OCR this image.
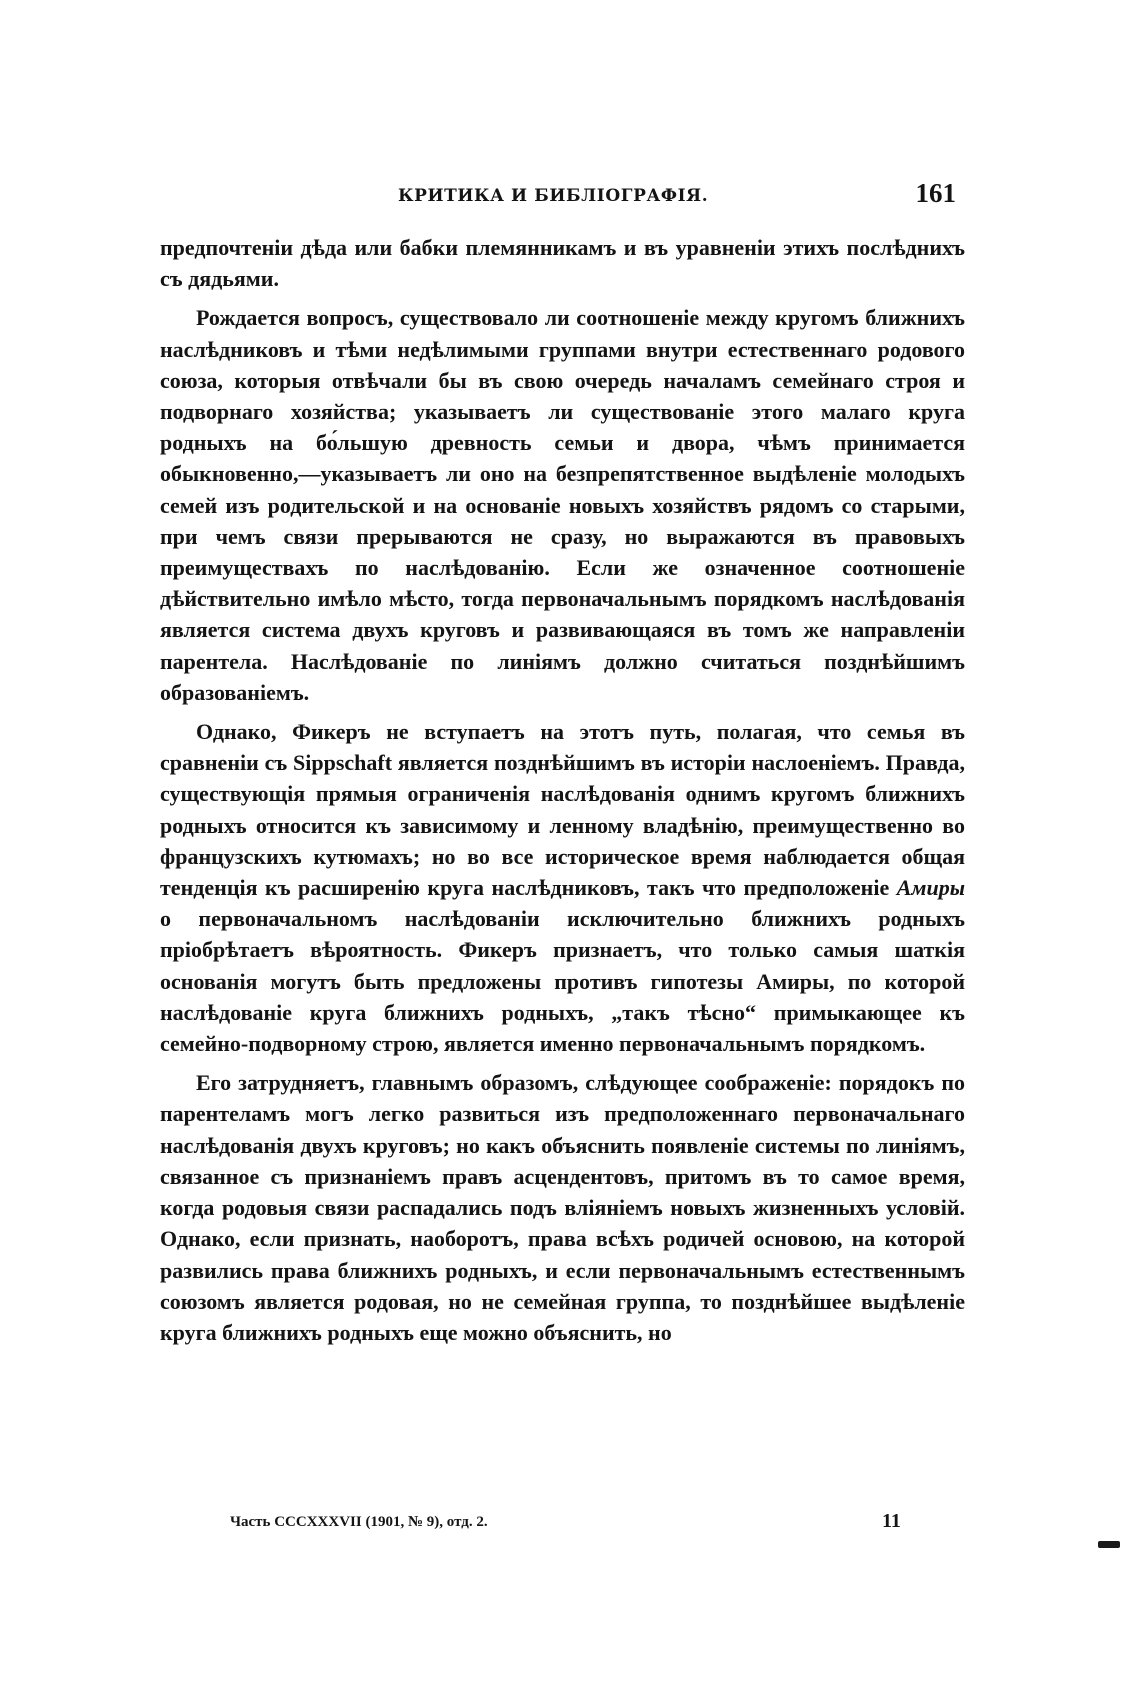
КРИТИКА И БИБЛІОГРАФІЯ.	161

предпочтеніи дѣда или бабки племянникамъ и въ уравненіи этихъ послѣднихъ съ дядьями.

Рождается вопросъ, существовало ли соотношеніе между кругомъ ближнихъ наслѣдниковъ и тѣми недѣлимыми группами внутри естественнаго родового союза, которыя отвѣчали бы въ свою очередь началамъ семейнаго строя и подворнаго хозяйства; указываетъ ли существованіе этого малаго круга родныхъ на бо́льшую древность семьи и двора, чѣмъ принимается обыкновенно,—указываетъ ли оно на безпрепятственное выдѣленіе молодыхъ семей изъ родительской и на основаніе новыхъ хозяйствъ рядомъ со старыми, при чемъ связи прерываются не сразу, но выражаются въ правовыхъ преимуществахъ по наслѣдованію. Если же означенное соотношеніе дѣйствительно имѣло мѣсто, тогда первоначальнымъ порядкомъ наслѣдованія является система двухъ круговъ и развивающаяся въ томъ же направленіи парентела. Наслѣдованіе по линіямъ должно считаться позднѣйшимъ образованіемъ.

Однако, Фикеръ не вступаетъ на этотъ путь, полагая, что семья въ сравненіи съ Sippschaft является позднѣйшимъ въ исторіи наслоеніемъ. Правда, существующія прямыя ограниченія наслѣдованія однимъ кругомъ ближнихъ родныхъ относится къ зависимому и ленному владѣнію, преимущественно во французскихъ кутюмахъ; но во все историческое время наблюдается общая тенденція къ расширенію круга наслѣдниковъ, такъ что предположеніе Амиры о первоначальномъ наслѣдованіи исключительно ближнихъ родныхъ пріобрѣтаетъ вѣроятность. Фикеръ признаетъ, что только самыя шаткія основанія могутъ быть предложены противъ гипотезы Амиры, по которой наслѣдованіе круга ближнихъ родныхъ, „такъ тѣсно“ примыкающее къ семейно-подворному строю, является именно первоначальнымъ порядкомъ.

Его затрудняетъ, главнымъ образомъ, слѣдующее соображеніе: порядокъ по парентеламъ могъ легко развиться изъ предположеннаго первоначальнаго наслѣдованія двухъ круговъ; но какъ объяснить появленіе системы по линіямъ, связанное съ признаніемъ правъ асцендентовъ, притомъ въ то самое время, когда родовыя связи распадались подъ вліяніемъ новыхъ жизненныхъ условій. Однако, если признать, наоборотъ, права всѣхъ родичей основою, на которой развились права ближнихъ родныхъ, и если первоначальнымъ естественнымъ союзомъ является родовая, но не семейная группа, то позднѣйшее выдѣленіе круга ближнихъ родныхъ еще можно объяснить, но

Часть CCCXXXVII (1901, № 9), отд. 2.	11
